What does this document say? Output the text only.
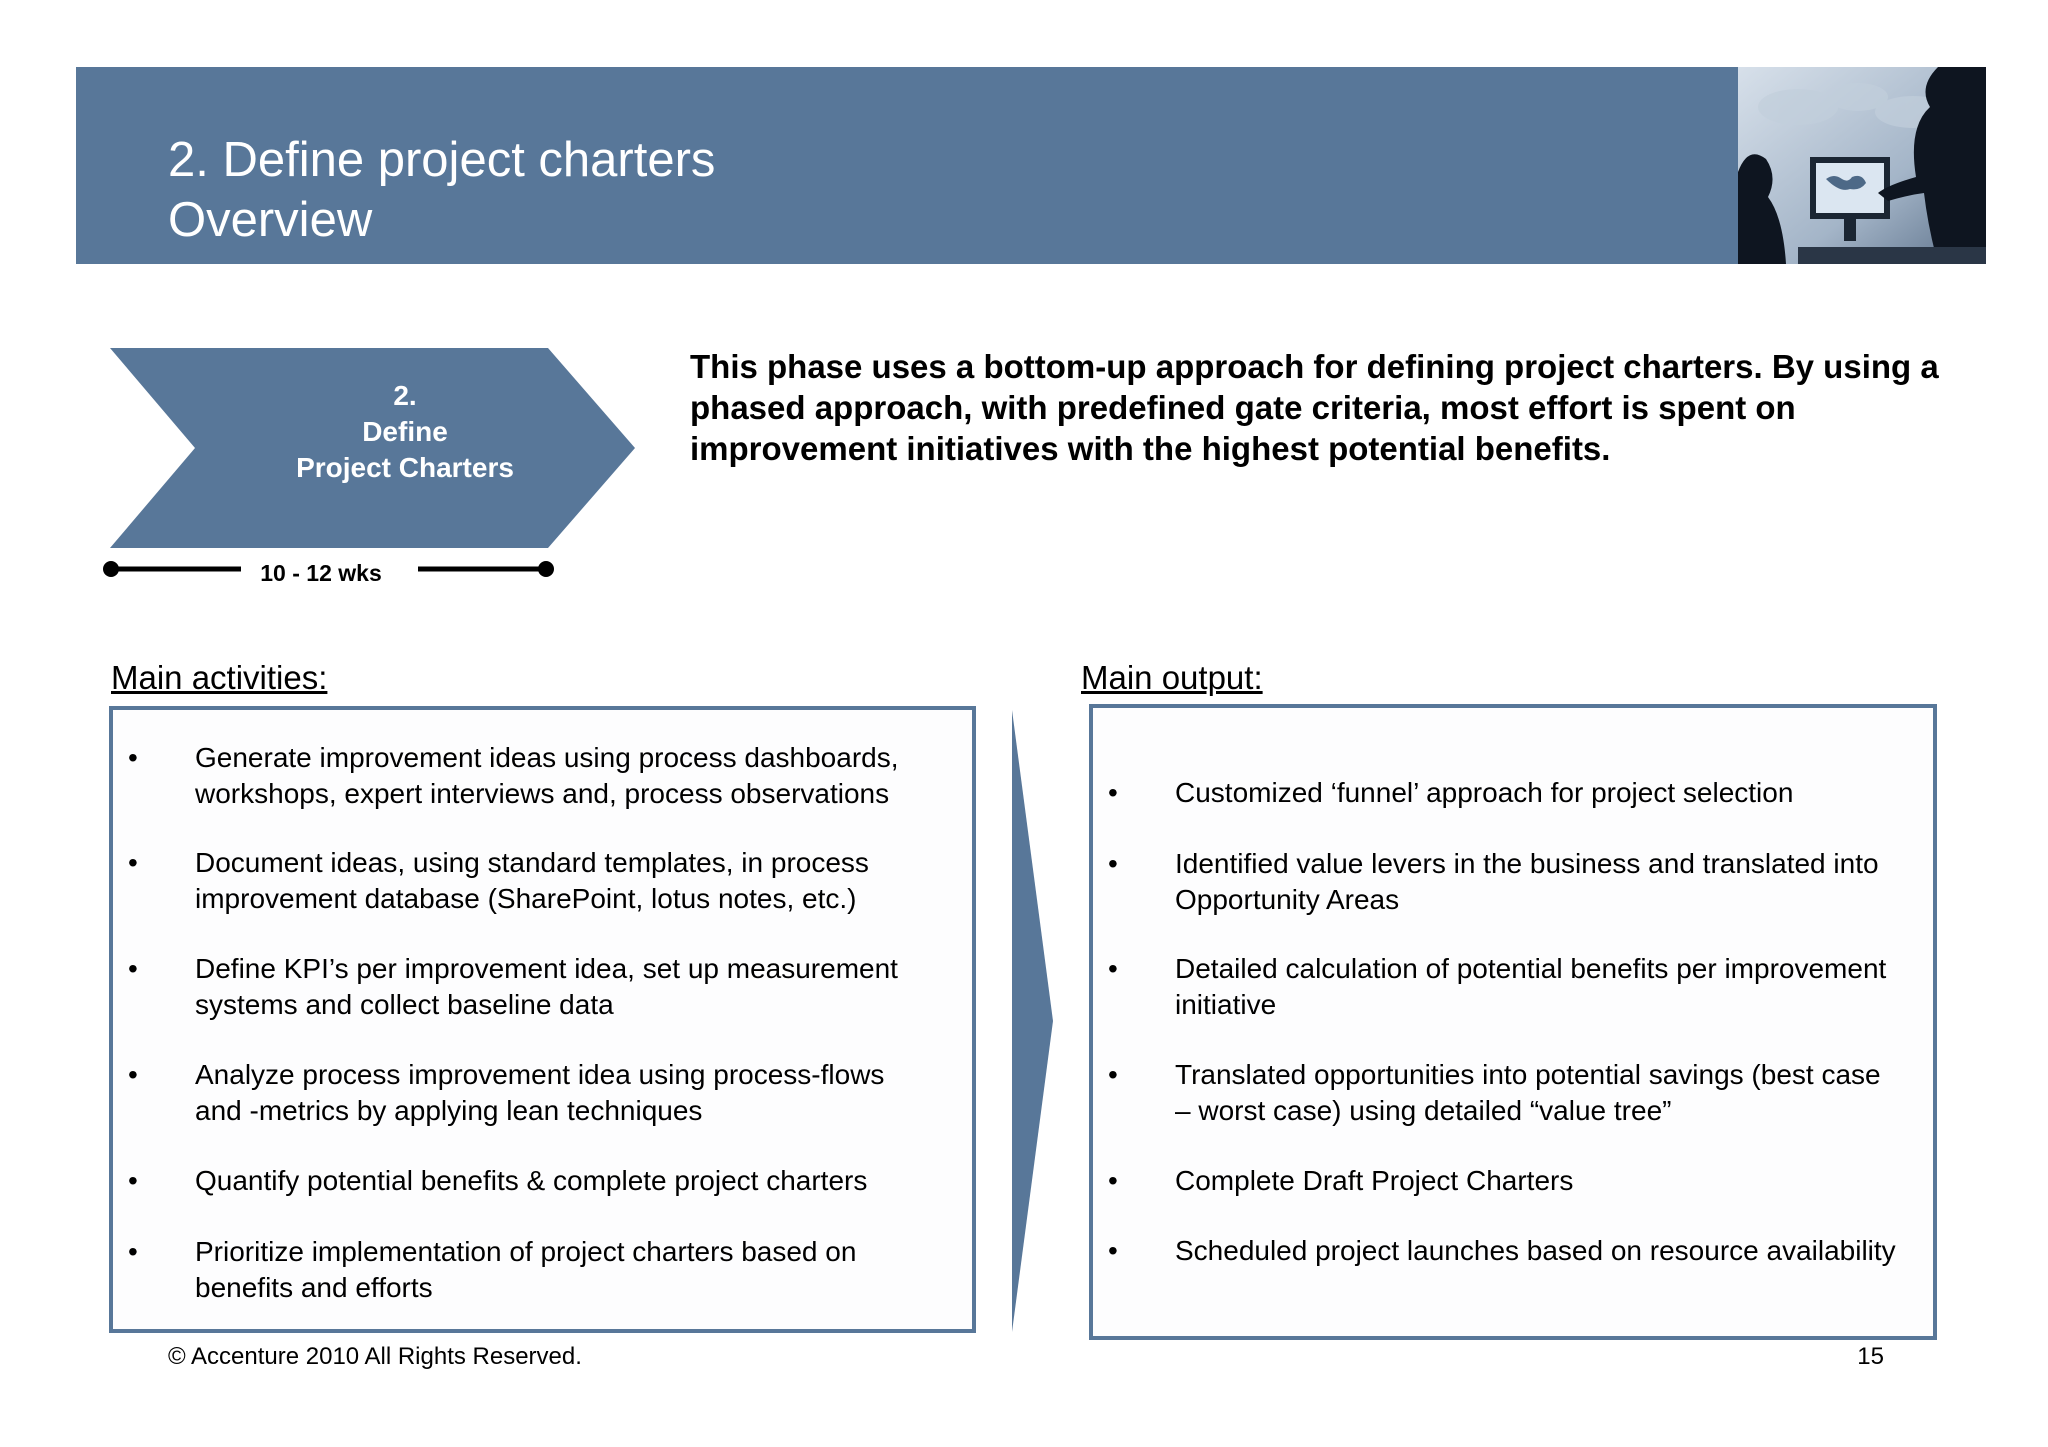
2. Define project charters
Overview
2.
Define
Project Charters
10 - 12 wks
This phase uses a bottom-up approach for defining project charters. By using a phased approach, with predefined gate criteria, most effort is spent on improvement initiatives with the highest potential benefits.
Main activities:
• Generate improvement ideas using process dashboards,
workshops, expert interviews and, process observations
• Document ideas, using standard templates, in process
improvement database (SharePoint, lotus notes, etc.)
• Define KPI’s per improvement idea, set up measurement
systems and collect baseline data
• Analyze process improvement idea using process-flows
and -metrics by applying lean techniques
• Quantify potential benefits & complete project charters
• Prioritize implementation of project charters based on
benefits and efforts
Main output:
• Customized ‘funnel’ approach for project selection
• Identified value levers in the business and translated into
Opportunity Areas
• Detailed calculation of potential benefits per improvement
initiative
• Translated opportunities into potential savings (best case
– worst case) using detailed “value tree”
• Complete Draft Project Charters
• Scheduled project launches based on resource availability
© Accenture 2010 All Rights Reserved.	15
